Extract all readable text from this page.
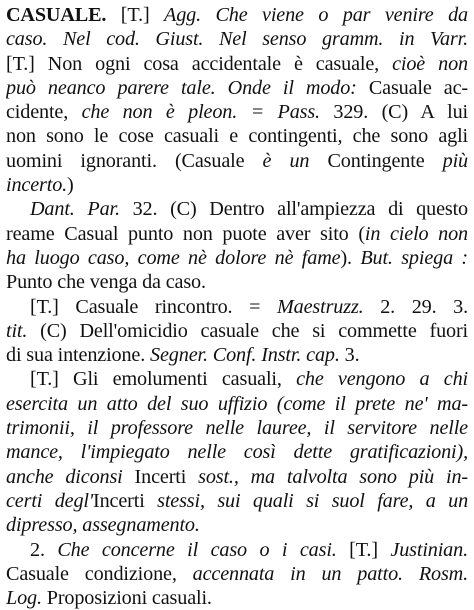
CASUALE. [T.] Agg. Che viene o par venire da
caso. Nel cod. Giust. Nel senso gramm. in Varr.
[T.] Non ogni cosa accidentale è casuale, cioè non
può neanco parere tale. Onde il modo: Casuale ac-
cidente, che non è pleon. = Pass. 329. (C) A lui
non sono le cose casuali e contingenti, che sono agli
uomini ignoranti. (Casuale è un Contingente più
incerto.)
Dant. Par. 32. (C) Dentro all'ampiezza di questo
reame Casual punto non puote aver sito (in cielo non
ha luogo caso, come nè dolore nè fame). But. spiega :
Punto che venga da caso.
[T.] Casuale rincontro. = Maestruzz. 2. 29. 3.
tit. (C) Dell'omicidio casuale che si commette fuori
di sua intenzione. Segner. Conf. Instr. cap. 3.
[T.] Gli emolumenti casuali, che vengono a chi
esercita un atto del suo uffizio (come il prete ne' ma-
trimonii, il professore nelle lauree, il servitore nelle
mance, l'impiegato nelle così dette gratificazioni),
anche diconsi Incerti sost., ma talvolta sono più in-
certi degl'Incerti stessi, sui quali si suol fare, a un
dipresso, assegnamento.
2. Che concerne il caso o i casi. [T.] Justinian.
Casuale condizione, accennata in un patto. Rosm.
Log. Proposizioni casuali.
